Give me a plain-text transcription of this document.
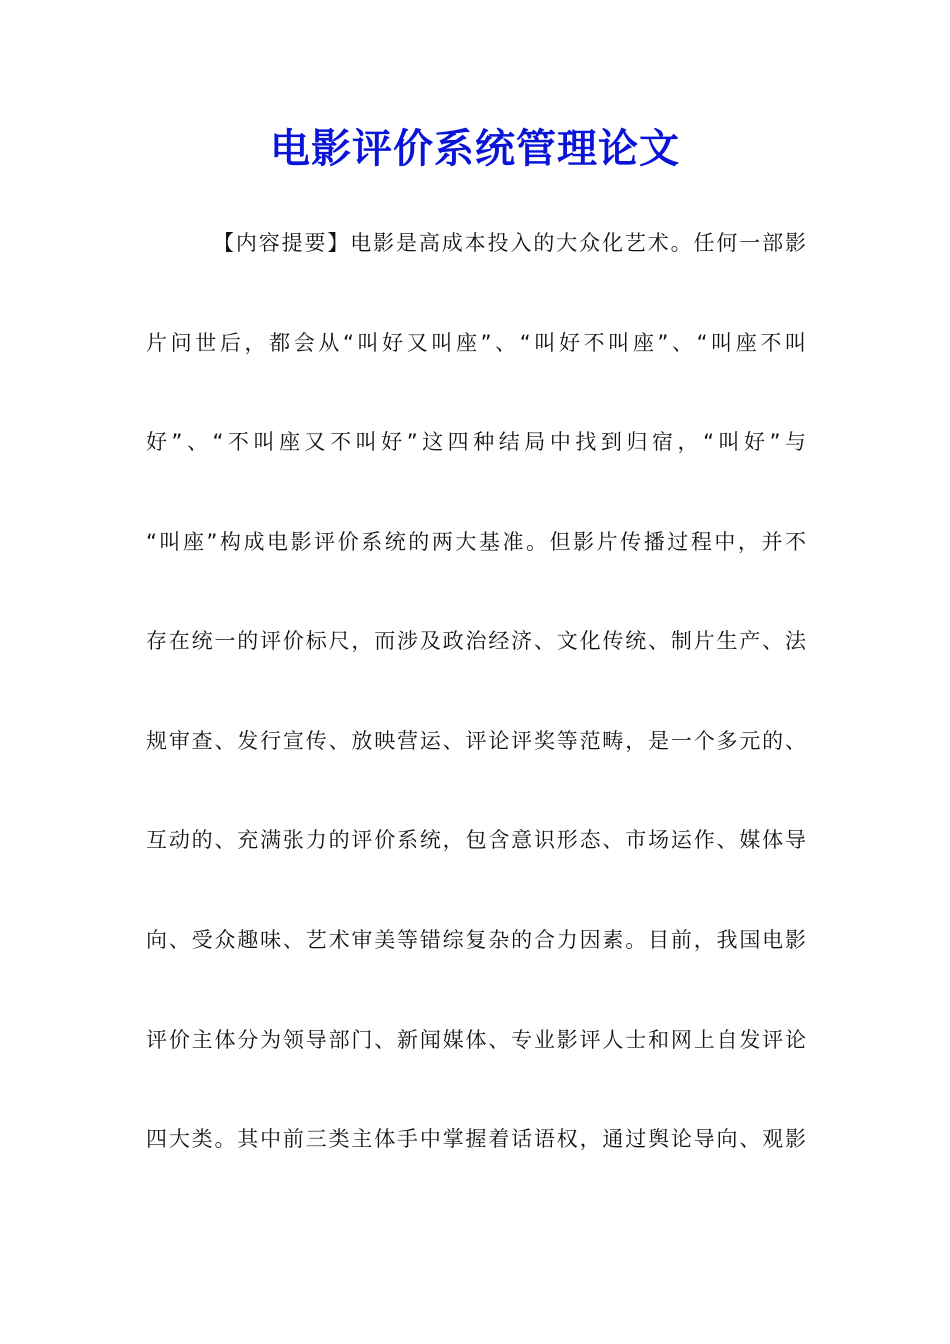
电影评价系统管理论文
【内容提要】电影是高成本投入的大众化艺术。任何一部影
片问世后，都会从“叫好又叫座”、“叫好不叫座”、“叫座不叫
好”、“不叫座又不叫好”这四种结局中找到归宿，“叫好”与
“叫座”构成电影评价系统的两大基准。但影片传播过程中，并不
存在统一的评价标尺，而涉及政治经济、文化传统、制片生产、法
规审查、发行宣传、放映营运、评论评奖等范畴，是一个多元的、
互动的、充满张力的评价系统，包含意识形态、市场运作、媒体导
向、受众趣味、艺术审美等错综复杂的合力因素。目前，我国电影
评价主体分为领导部门、新闻媒体、专业影评人士和网上自发评论
四大类。其中前三类主体手中掌握着话语权，通过舆论导向、观影
